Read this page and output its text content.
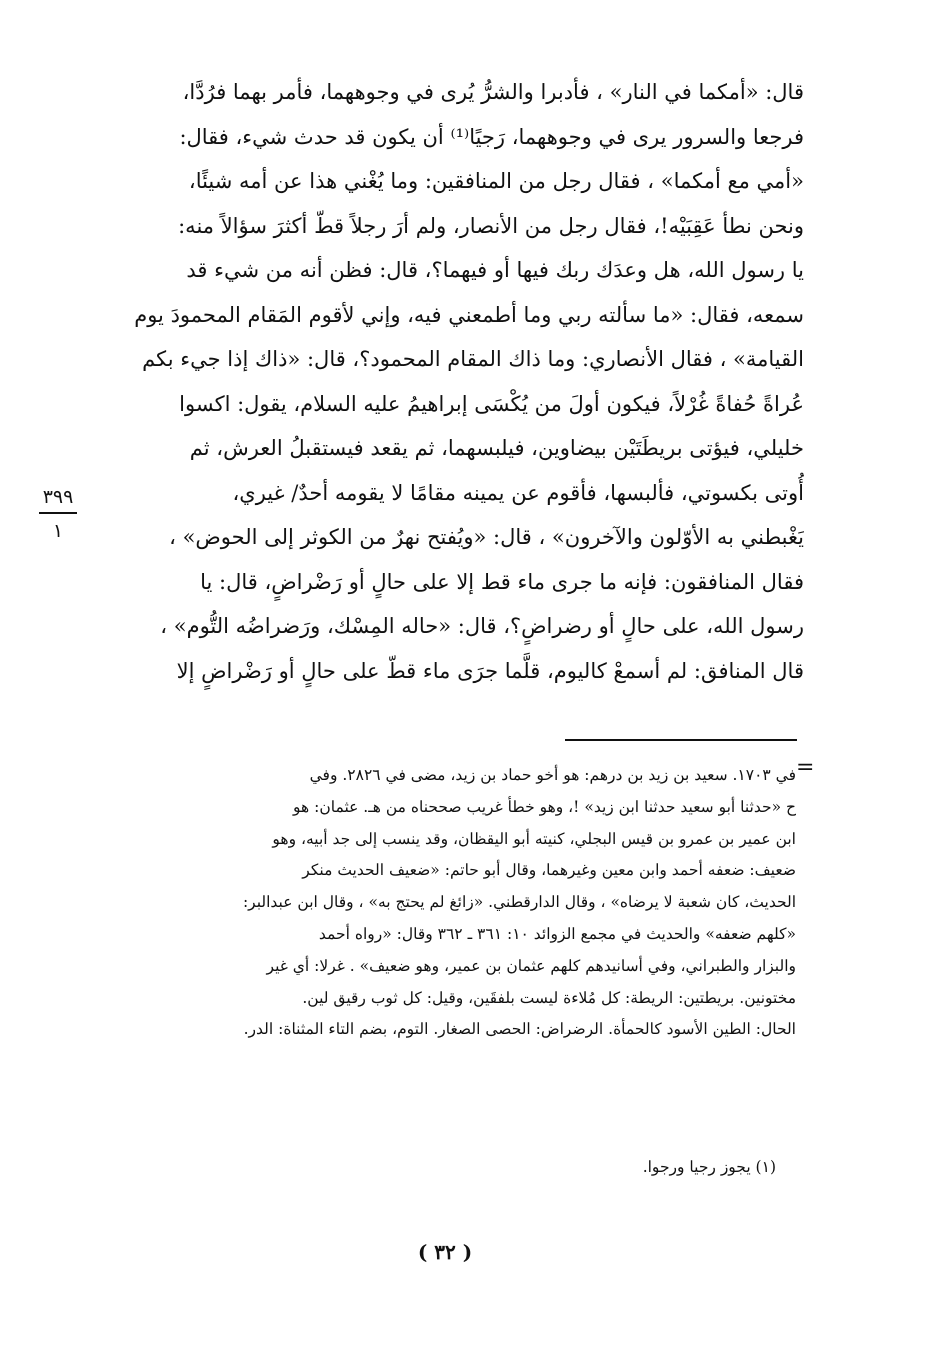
قال: «أمكما في النار» ، فأدبرا والشرُّ يُرى في وجوههما، فأمر بهما فرُدَّا،
فرجعا والسرور يرى في وجوههما، رَجيًا⁽¹⁾ أن يكون قد حدث شيء، فقال:
«أمي مع أمكما» ، فقال رجل من المنافقين: وما يُغْني هذا عن أمه شيئًا،
ونحن نطأ عَقِبَيْه!، فقال رجل من الأنصار، ولم أرَ رجلاً قطّ أكثرَ سؤالاً منه:
يا رسول الله، هل وعدَك ربك فيها أو فيهما؟، قال: فظن أنه من شيء قد
سمعه، فقال: «ما سألته ربي وما أطمعني فيه، وإني لأقوم المَقام المحمودَ يوم
القيامة» ، فقال الأنصاري: وما ذاك المقام المحمود؟، قال: «ذاك إذا جيء بكم
عُراةً حُفاةً غُرْلاً، فيكون أولَ من يُكْسَى إبراهيمُ عليه السلام، يقول: اكسوا
خليلي، فيؤتى بريطَتَيْن بيضاوين، فيلبسهما، ثم يقعد فيستقبلُ العرش، ثم
أُوتى بكسوتي، فألبسها، فأقوم عن يمينه مقامًا لا يقومه أحدٌ/ غيري،
يَغْبطني به الأوّلون والآخرون» ، قال: «ويُفتح نهرٌ من الكوثر إلى الحوض» ،
فقال المنافقون: فإنه ما جرى ماء قط إلا على حالٍ أو رَضْراضٍ، قال: يا
رسول الله، على حالٍ أو رضراضٍ؟، قال: «حاله المِسْك، ورَضراضُه التُّوم» ،
قال المنافق: لم أسمعْ كاليوم، قلَّما جرَى ماء قطّ على حالٍ أو رَضْراضٍ إلا
٣٩٩
١
=
في ١٧٠٣. سعيد بن زيد بن درهم: هو أخو حماد بن زيد، مضى في ٢٨٢٦. وفي
ح «حدثنا أبو سعيد حدثنا ابن زيد» !، وهو خطأ غريب صححناه من هـ. عثمان: هو
ابن عمير بن عمرو بن قيس البجلي، كنيته أبو اليقظان، وقد ينسب إلى جد أبيه، وهو
ضعيف: ضعفه أحمد وابن معين وغيرهما، وقال أبو حاتم: «ضعيف الحديث منكر
الحديث، كان شعبة لا يرضاه» ، وقال الدارقطني. «زائغ لم يحتج به» ، وقال ابن عبدالبر:
«كلهم ضعفه» والحديث في مجمع الزوائد ١٠: ٣٦١ ـ ٣٦٢ وقال: «رواه أحمد
والبزار والطبراني، وفي أسانيدهم كلهم عثمان بن عمير، وهو ضعيف» . غرلا: أي غير
مختونين. بريطتين: الريطة: كل مُلاءة ليست بلفقَين، وقيل: كل ثوب رقيق لين.
الحال: الطين الأسود كالحمأة. الرضراض: الحصى الصغار. التوم، بضم التاء المثناة: الدر.
(١) يجوز رجيا ورجوا.
( ٣٢ )
